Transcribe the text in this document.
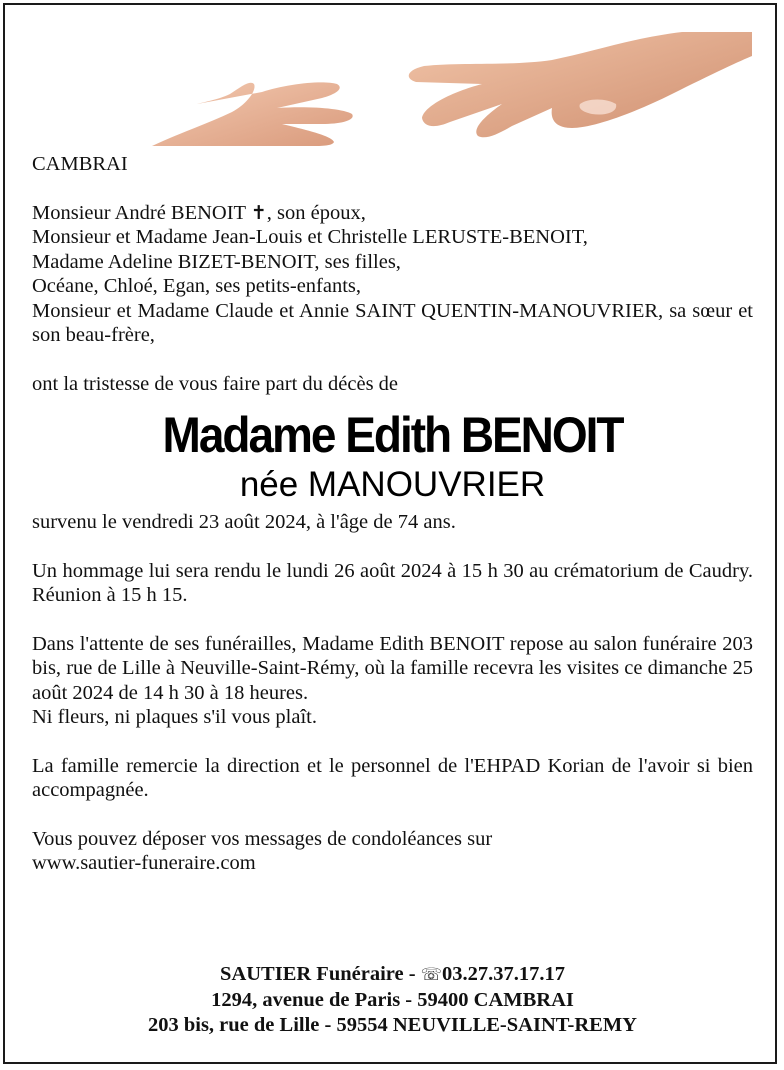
CAMBRAI

Monsieur André BENOIT ✝, son époux,

Monsieur et Madame Jean-Louis et Christelle LERUSTE-BENOIT,

Madame Adeline BIZET-BENOIT, ses filles,

Océane, Chloé, Egan, ses petits-enfants,

Monsieur et Madame Claude et Annie SAINT QUENTIN-MANOUVRIER, sa sœur et son beau-frère,

ont la tristesse de vous faire part du décès de

Madame Edith BENOIT
née MANOUVRIER

survenu le vendredi 23 août 2024, à l'âge de 74 ans.

Un hommage lui sera rendu le lundi 26 août 2024 à 15 h 30 au crématorium de Caudry. Réunion à 15 h 15.

Dans l'attente de ses funérailles, Madame Edith BENOIT repose au salon funéraire 203 bis, rue de Lille à Neuville-Saint-Rémy, où la famille recevra les visites ce dimanche 25 août 2024 de 14 h 30 à 18 heures.

Ni fleurs, ni plaques s'il vous plaît.

La famille remercie la direction et le personnel de l'EHPAD Korian de l'avoir si bien accompagnée.

Vous pouvez déposer vos messages de condoléances sur

www.sautier-funeraire.com

SAUTIER Funéraire - ☏03.27.37.17.17
1294, avenue de Paris - 59400 CAMBRAI
203 bis, rue de Lille - 59554 NEUVILLE-SAINT-REMY
